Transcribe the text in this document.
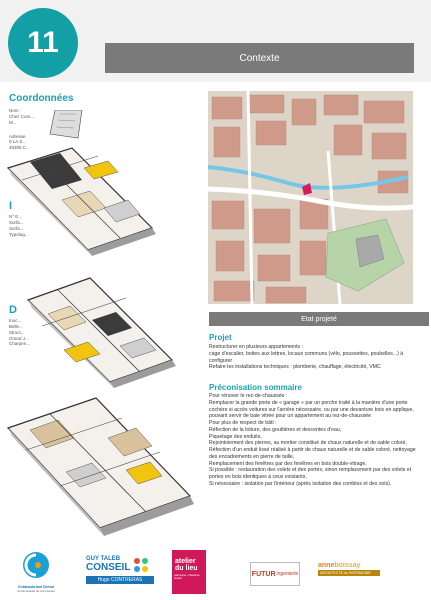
11	Contexte
Coordonnées
Nom :
Chez Com...
M...
Adresse
0 LA S...
49300 C...
I
N° E...
Surfa...
Surfa...
Typolog...
D
Inoc...
Belle...
Struct...
Grand J...
Charpen...
Etat projeté
Projet
Restructurer en plusieurs appartements :
cage d'escalier, boites aux lettres, locaux communs (vélo, poussettes, poubelles...) à configurer
Refaire les installations techniques : plomberie, chauffage, électricité, VMC
Préconisation sommaire
Pour rénover le rez-de-chaussée :
Remplacer la grande porte de « garage » par un porche traité à la manière d'une porte cochère si accès voitures sur l'arrière nécessaire, ou par une devanture bois en applique, pouvant servir de baie vitrée pour un appartement au rez-de-chaussée
Pour plus de respect de bâti :
Réfection de la toiture, des gouttières et descentes d'eau,
Piquetage des enduits,
Rejointoiement des pierres, au mortier constitué de chaux naturelle et de sable coloré,
Réfection d'un enduit lissé réalisé à partir de chaux naturelle et de sable coloré, nettoyage des encadrements en pierre de taille,
Remplacement des fenêtres par des fenêtres en bois double-vitrage,
Si possible : restauration des volets et des portes, sinon remplacement par des volets et portes en bois identiques à ceux existants,
Si nécessaire : isolation par l'intérieur (après isolation des combles et des sols).
Châteaubriant Derval
Communauté de communes
GUY TALEB
CONSEIL
Hugo CONTRERAS
atelier du lieu
patrimoine, urbanisme, projets
FUTUR ingenierie
anneboissay
ARCHITECTE du PATRIMOINE
